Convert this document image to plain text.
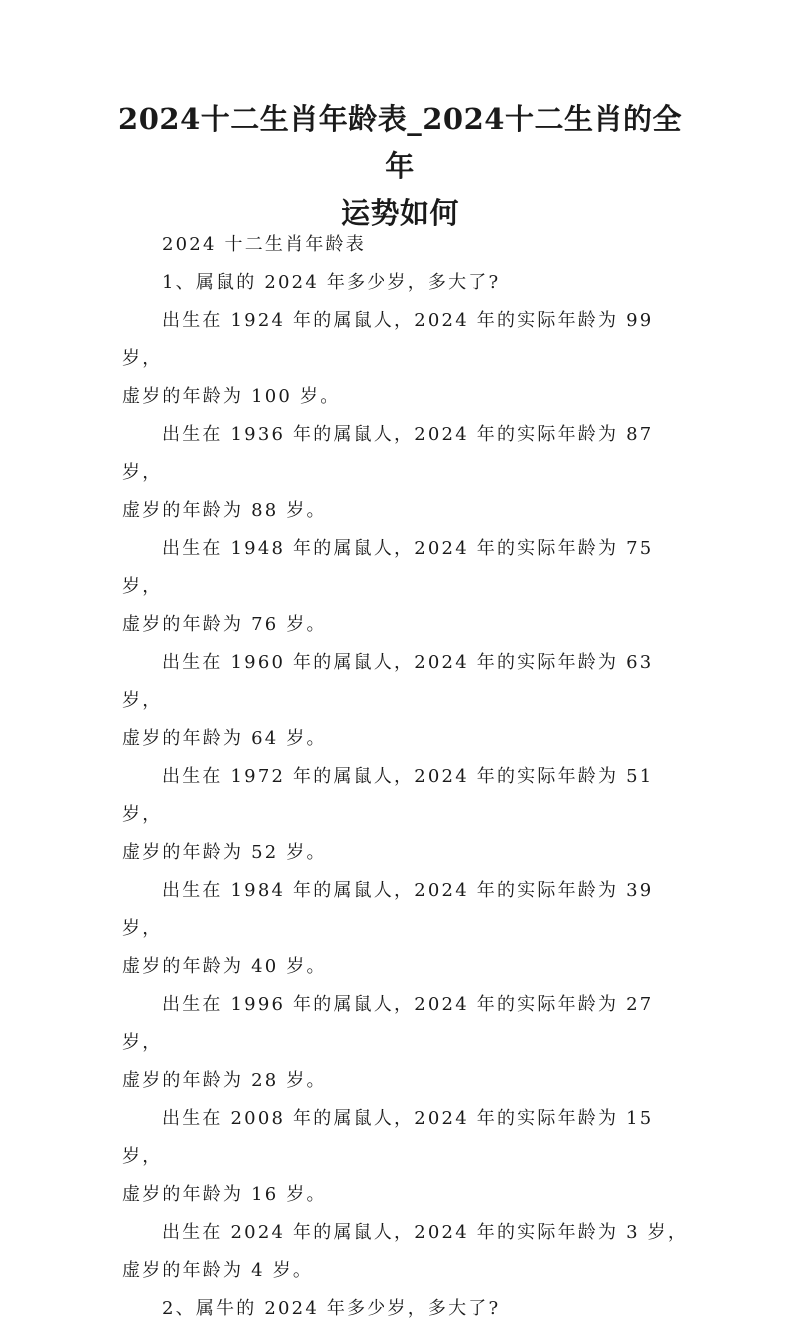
2024十二生肖年龄表_2024十二生肖的全年
运势如何

2024 十二生肖年龄表

1、属鼠的 2024 年多少岁，多大了?

出生在 1924 年的属鼠人，2024 年的实际年龄为 99 岁，

虚岁的年龄为 100 岁。

出生在 1936 年的属鼠人，2024 年的实际年龄为 87 岁，

虚岁的年龄为 88 岁。

出生在 1948 年的属鼠人，2024 年的实际年龄为 75 岁，

虚岁的年龄为 76 岁。

出生在 1960 年的属鼠人，2024 年的实际年龄为 63 岁，

虚岁的年龄为 64 岁。

出生在 1972 年的属鼠人，2024 年的实际年龄为 51 岁，

虚岁的年龄为 52 岁。

出生在 1984 年的属鼠人，2024 年的实际年龄为 39 岁，

虚岁的年龄为 40 岁。

出生在 1996 年的属鼠人，2024 年的实际年龄为 27 岁，

虚岁的年龄为 28 岁。

出生在 2008 年的属鼠人，2024 年的实际年龄为 15 岁，

虚岁的年龄为 16 岁。

出生在 2024 年的属鼠人，2024 年的实际年龄为 3 岁，

虚岁的年龄为 4 岁。

2、属牛的 2024 年多少岁，多大了?
